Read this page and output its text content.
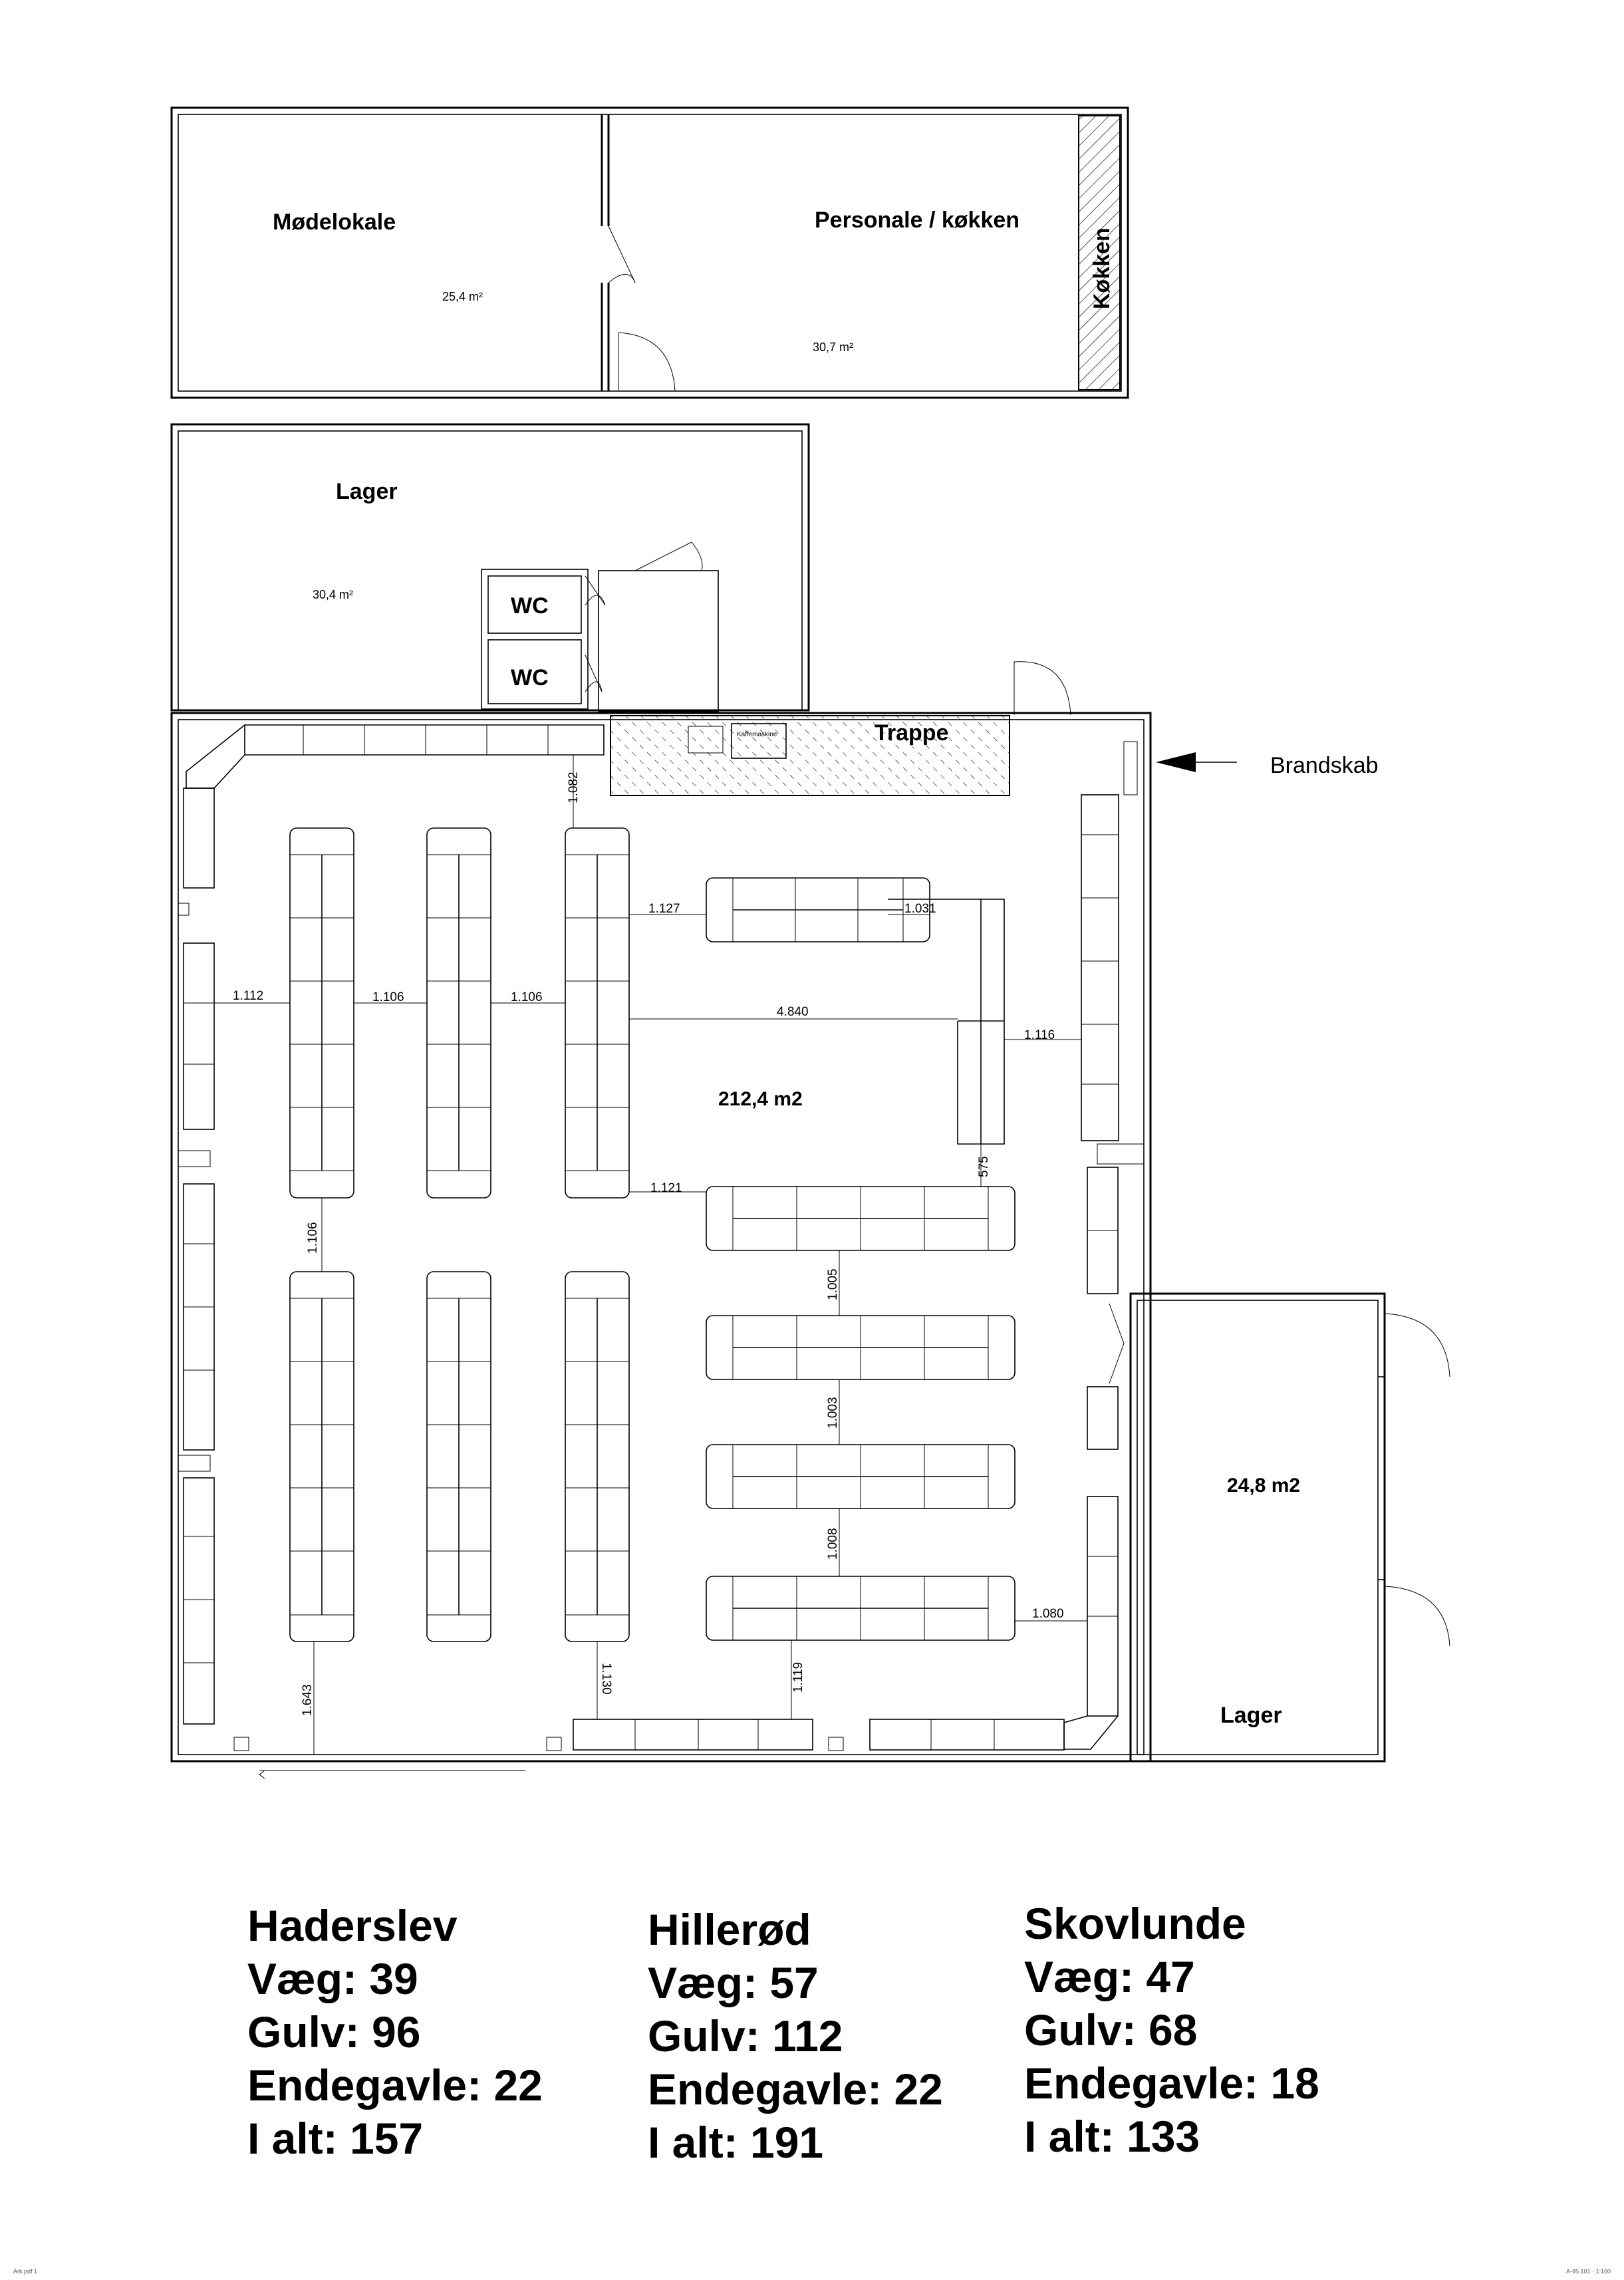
Mødelokale
25,4 m²
Personale / køkken
30,7 m²
Køkken
Lager
30,4 m²	WC
WC
Kaffemaskine	Trappe
212,4 m2
Brandskab
24,8 m2
Lager
1.082
1.127	1.031
1.112	1.106	1.106
4.840
1.116
575
1.121
1.106
1.005
1.003
1.008
1.080
1.643
1.130	1.119

Haderslev

Væg: 39

Gulv: 96

Endegavle: 22

I alt: 157

Hillerød

Væg: 57

Gulv: 112

Endegavle: 22

I alt: 191

Skovlunde

Væg: 47

Gulv: 68

Endegavle: 18

I alt: 133

Ark.pdf 1	A-95.101 · 1:100
